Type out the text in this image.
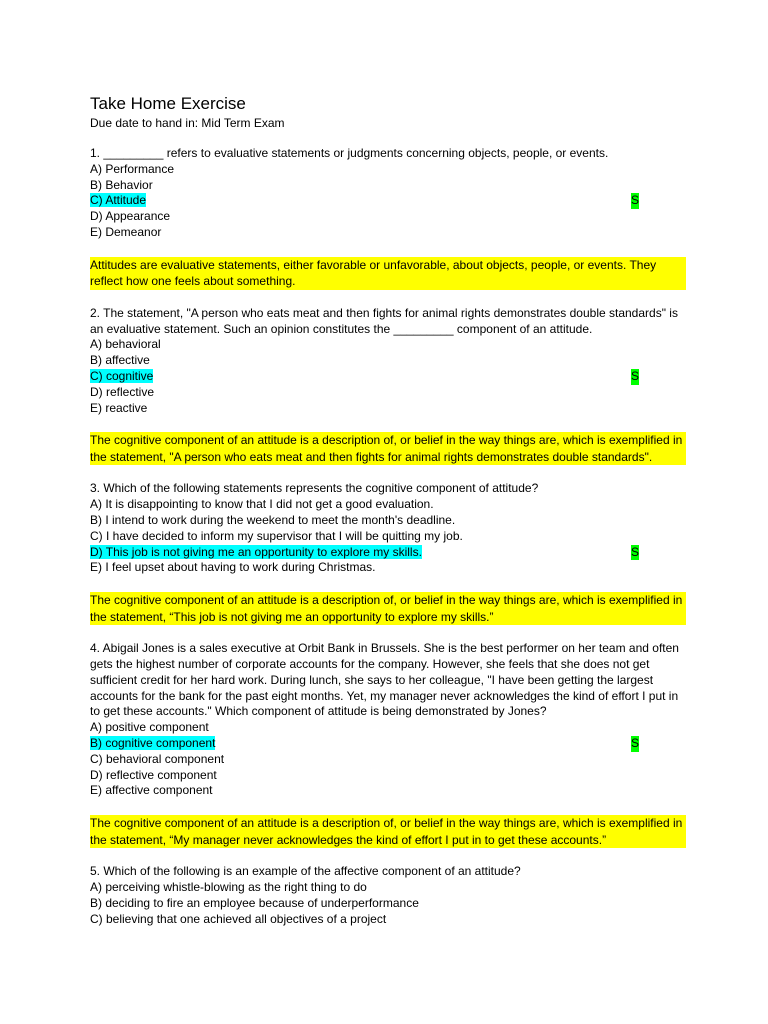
Take Home Exercise
Due date to hand in: Mid Term Exam
1. _________ refers to evaluative statements or judgments concerning objects, people, or events.
A) Performance
B) Behavior
C) Attitude	S
D) Appearance
E) Demeanor
Attitudes are evaluative statements, either favorable or unfavorable, about objects, people, or events. They reflect how one feels about something.
2. The statement, "A person who eats meat and then fights for animal rights demonstrates double standards" is an evaluative statement. Such an opinion constitutes the _________ component of an attitude.
A) behavioral
B) affective
C) cognitive	S
D) reflective
E) reactive
The cognitive component of an attitude is a description of, or belief in the way things are, which is exemplified in the statement, "A person who eats meat and then fights for animal rights demonstrates double standards".
3. Which of the following statements represents the cognitive component of attitude?
A) It is disappointing to know that I did not get a good evaluation.
B) I intend to work during the weekend to meet the month's deadline.
C) I have decided to inform my supervisor that I will be quitting my job.
D) This job is not giving me an opportunity to explore my skills.	S
E) I feel upset about having to work during Christmas.
The cognitive component of an attitude is a description of, or belief in the way things are, which is exemplified in the statement, “This job is not giving me an opportunity to explore my skills.”
4. Abigail Jones is a sales executive at Orbit Bank in Brussels. She is the best performer on her team and often gets the highest number of corporate accounts for the company. However, she feels that she does not get sufficient credit for her hard work. During lunch, she says to her colleague, "I have been getting the largest accounts for the bank for the past eight months. Yet, my manager never acknowledges the kind of effort I put in to get these accounts." Which component of attitude is being demonstrated by Jones?
A) positive component
B) cognitive component	S
C) behavioral component
D) reflective component
E) affective component
The cognitive component of an attitude is a description of, or belief in the way things are, which is exemplified in the statement, “My manager never acknowledges the kind of effort I put in to get these accounts.”
5. Which of the following is an example of the affective component of an attitude?
A) perceiving whistle-blowing as the right thing to do
B) deciding to fire an employee because of underperformance
C) believing that one achieved all objectives of a project
